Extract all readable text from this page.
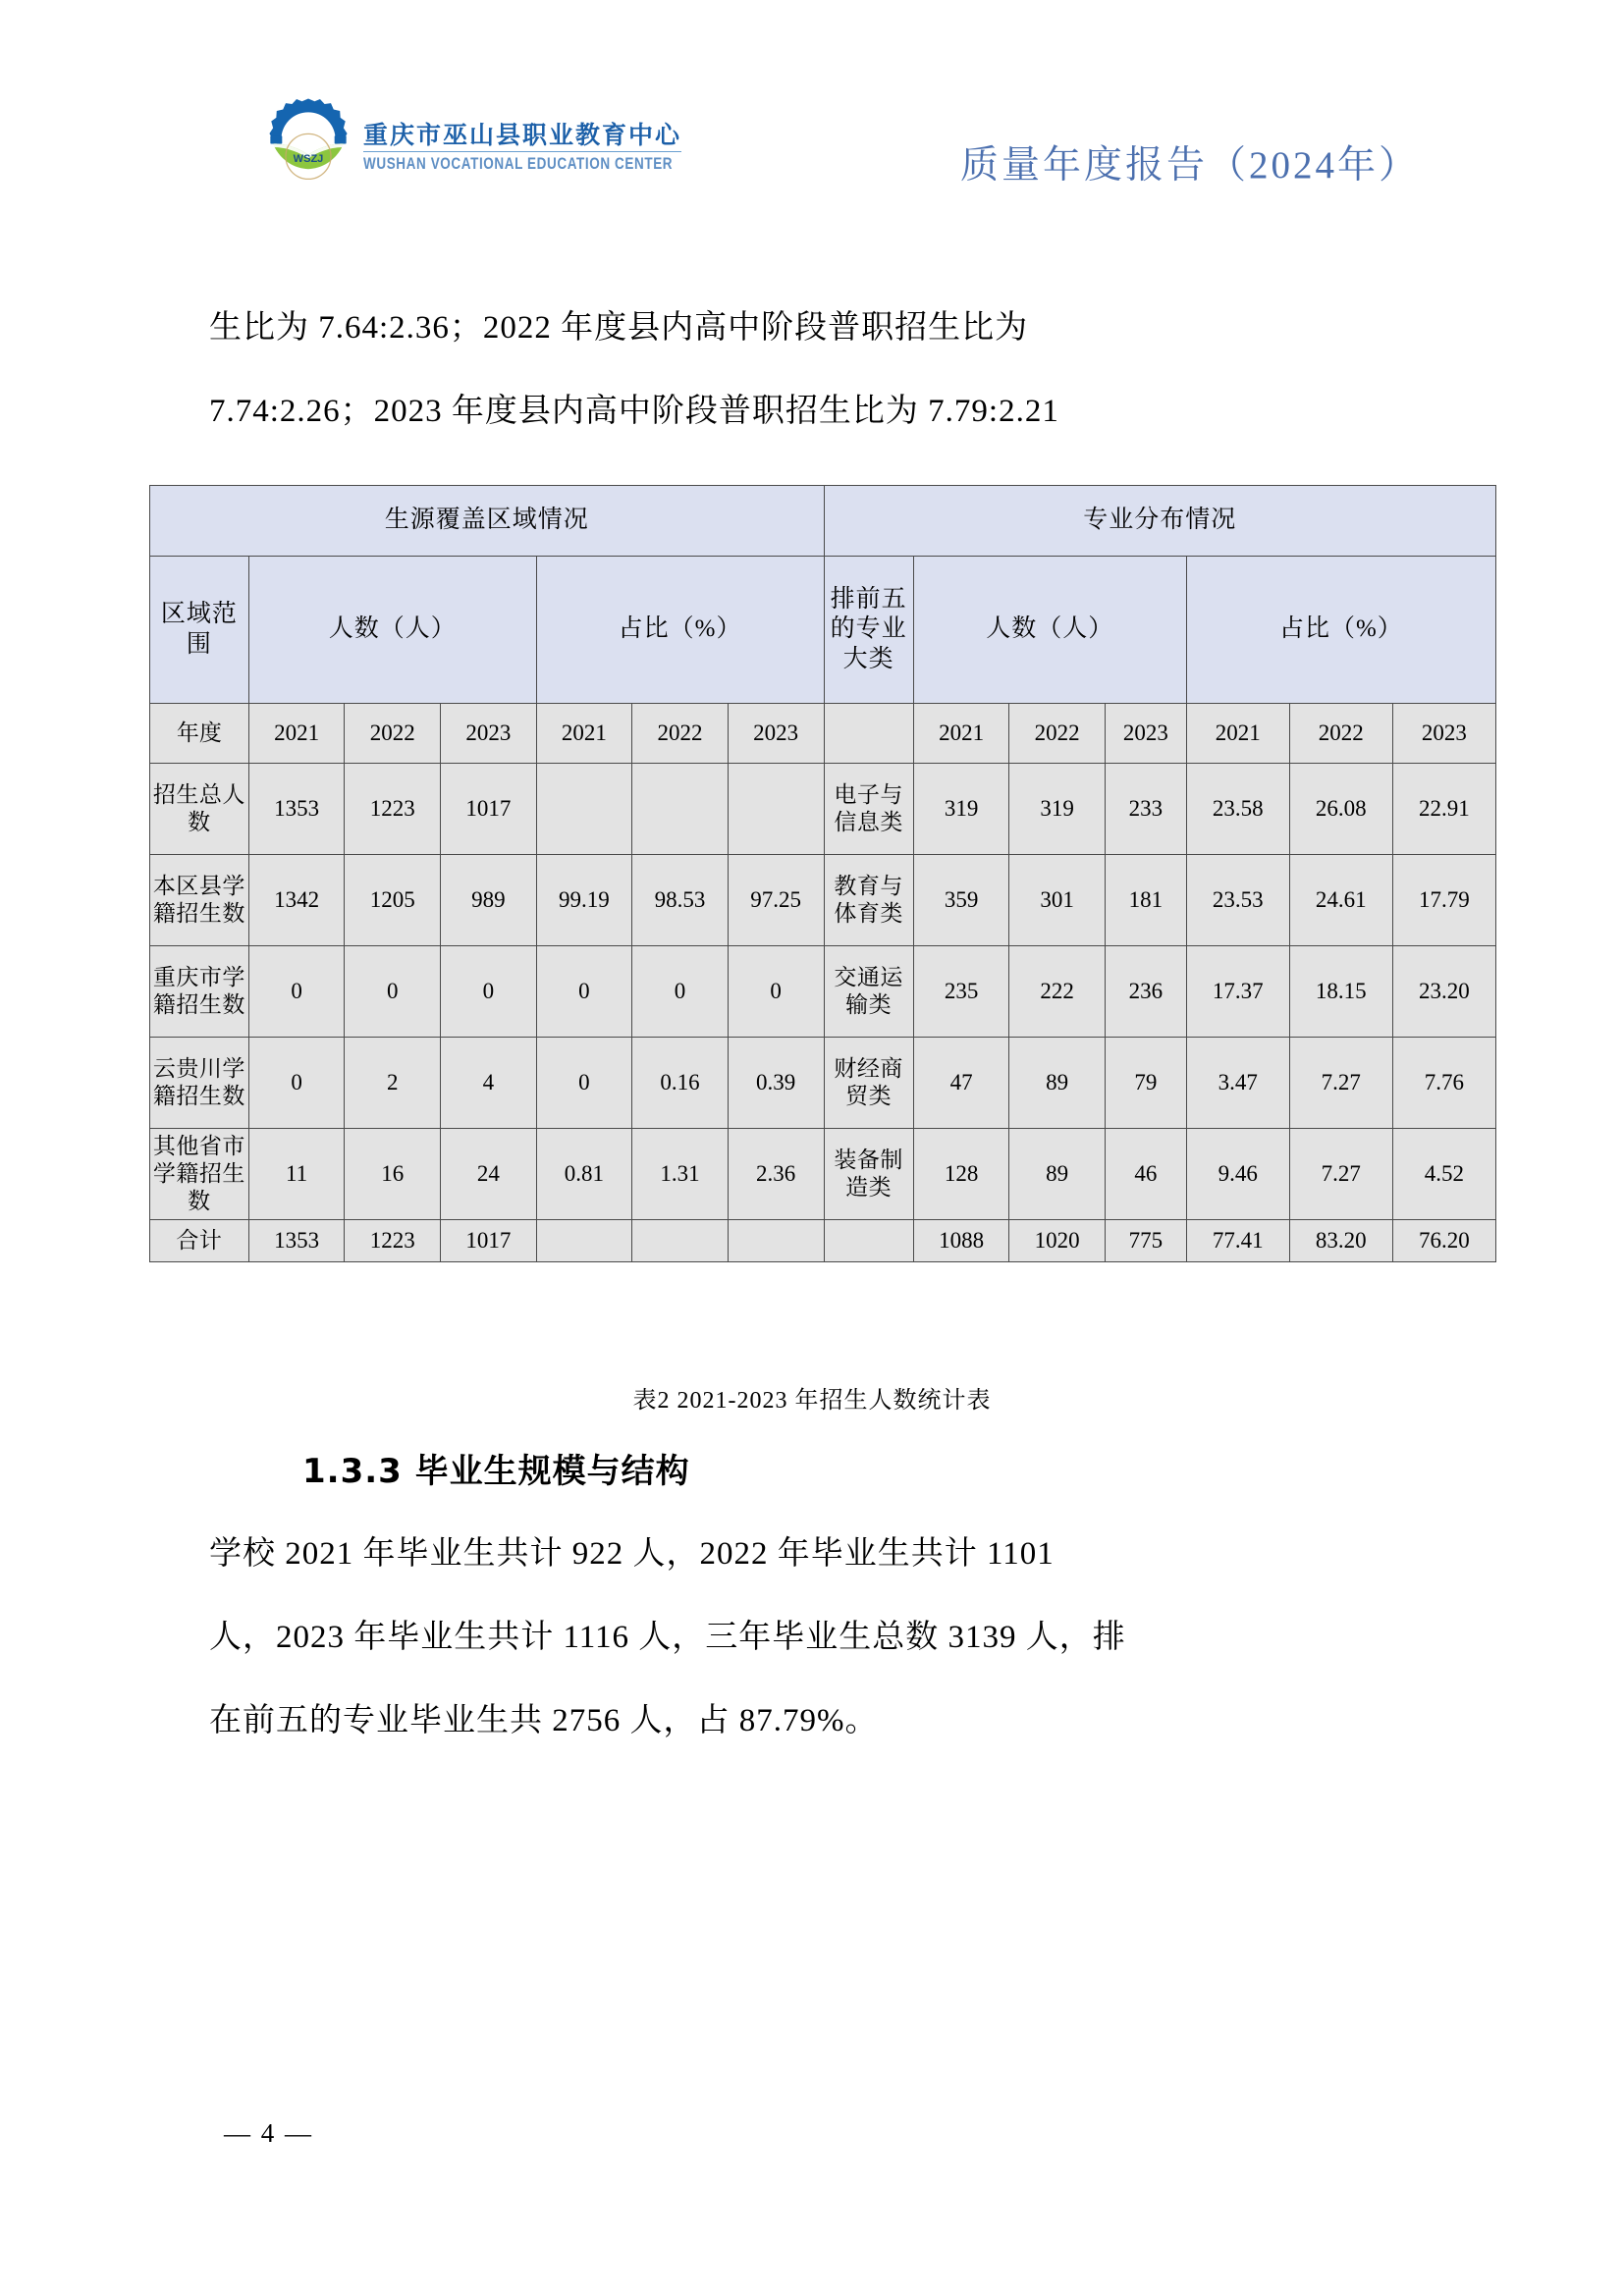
WSZJ
重庆市巫山县职业教育中心
WUSHAN VOCATIONAL EDUCATION CENTER	质量年度报告（2024年）
生比为 7.64:2.36；2022 年度县内高中阶段普职招生比为
7.74:2.26；2023 年度县内高中阶段普职招生比为 7.79:2.21
生源覆盖区域情况							专业分布情况						
区域范围	人数（人）			占比（%）			排前五的专业大类	人数（人）			占比（%）		
年度	2021	2022	2023	2021	2022	2023		2021	2022	2023	2021	2022	2023
招生总人数	1353	1223	1017				电子与信息类	319	319	233	23.58	26.08	22.91
本区县学籍招生数	1342	1205	989	99.19	98.53	97.25	教育与体育类	359	301	181	23.53	24.61	17.79
重庆市学籍招生数	0	0	0	0	0	0	交通运输类	235	222	236	17.37	18.15	23.20
云贵川学籍招生数	0	2	4	0	0.16	0.39	财经商贸类	47	89	79	3.47	7.27	7.76
其他省市学籍招生数	11	16	24	0.81	1.31	2.36	装备制造类	128	89	46	9.46	7.27	4.52
合计	1353	1223	1017					1088	1020	775	77.41	83.20	76.20
表2 2021-2023 年招生人数统计表
1.3.3 毕业生规模与结构
学校 2021 年毕业生共计 922 人，2022 年毕业生共计 1101
人，2023 年毕业生共计 1116 人，三年毕业生总数 3139 人，排
在前五的专业毕业生共 2756 人，占 87.79%。
— 4 —
